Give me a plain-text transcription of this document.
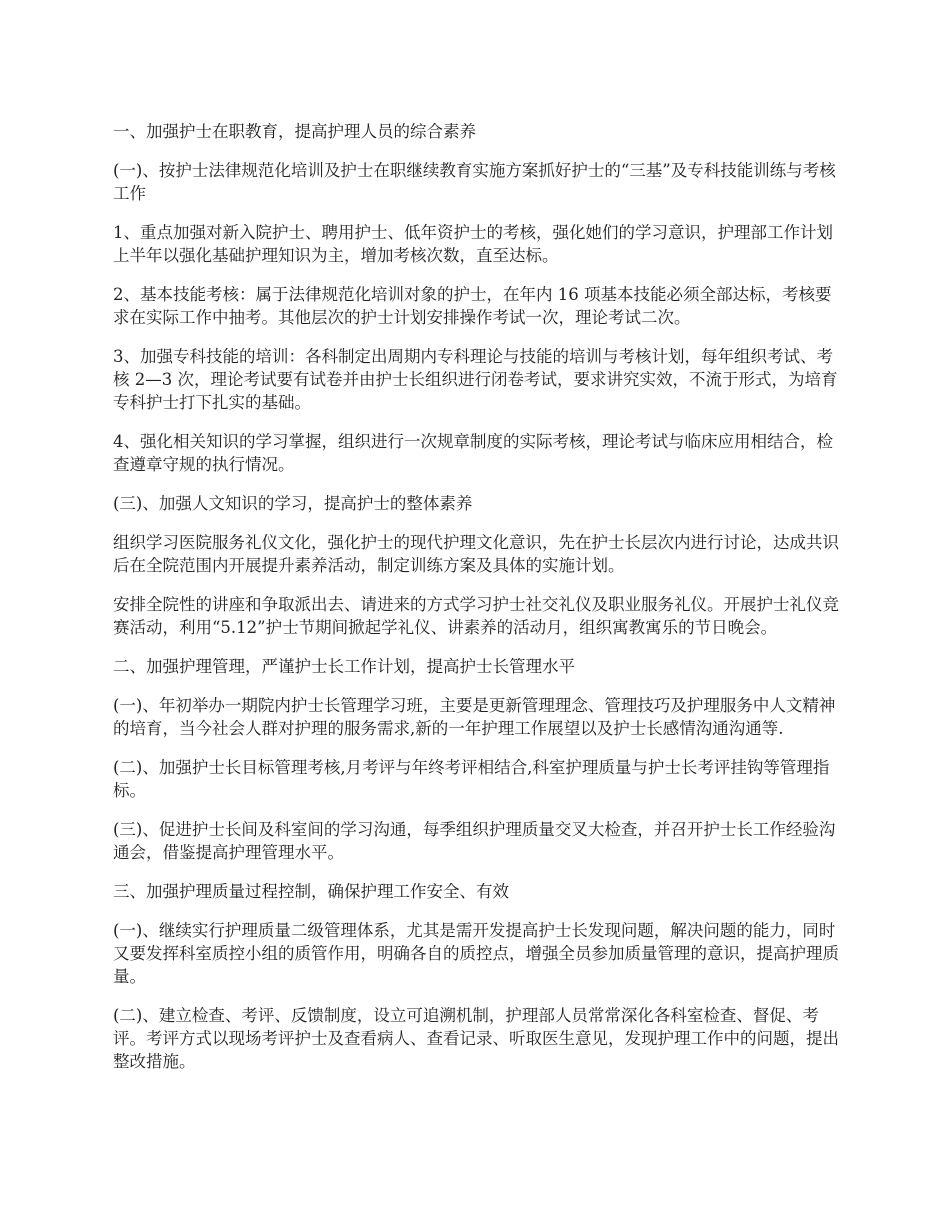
一、加强护士在职教育，提高护理人员的综合素养

(一)、按护士法律规范化培训及护士在职继续教育实施方案抓好护士的“三基”及专科技能训练与考核工作

1、重点加强对新入院护士、聘用护士、低年资护士的考核，强化她们的学习意识，护理部工作计划上半年以强化基础护理知识为主，增加考核次数，直至达标。

2、基本技能考核：属于法律规范化培训对象的护士，在年内 16 项基本技能必须全部达标，考核要求在实际工作中抽考。其他层次的护士计划安排操作考试一次，理论考试二次。

3、加强专科技能的培训：各科制定出周期内专科理论与技能的培训与考核计划，每年组织考试、考核 2—3 次，理论考试要有试卷并由护士长组织进行闭卷考试，要求讲究实效，不流于形式，为培育专科护士打下扎实的基础。

4、强化相关知识的学习掌握，组织进行一次规章制度的实际考核，理论考试与临床应用相结合，检查遵章守规的执行情况。

(三)、加强人文知识的学习，提高护士的整体素养

组织学习医院服务礼仪文化，强化护士的现代护理文化意识，先在护士长层次内进行讨论，达成共识后在全院范围内开展提升素养活动，制定训练方案及具体的实施计划。

安排全院性的讲座和争取派出去、请进来的方式学习护士社交礼仪及职业服务礼仪。开展护士礼仪竞赛活动，利用“5.12”护士节期间掀起学礼仪、讲素养的活动月，组织寓教寓乐的节日晚会。

二、加强护理管理，严谨护士长工作计划，提高护士长管理水平

(一)、年初举办一期院内护士长管理学习班，主要是更新管理理念、管理技巧及护理服务中人文精神的培育，当今社会人群对护理的服务需求,新的一年护理工作展望以及护士长感情沟通沟通等.

(二)、加强护士长目标管理考核,月考评与年终考评相结合,科室护理质量与护士长考评挂钩等管理指标。

(三)、促进护士长间及科室间的学习沟通，每季组织护理质量交叉大检查，并召开护士长工作经验沟通会，借鉴提高护理管理水平。

三、加强护理质量过程控制，确保护理工作安全、有效

(一)、继续实行护理质量二级管理体系，尤其是需开发提高护士长发现问题，解决问题的能力，同时又要发挥科室质控小组的质管作用，明确各自的质控点，增强全员参加质量管理的意识，提高护理质量。

(二)、建立检查、考评、反馈制度，设立可追溯机制，护理部人员常常深化各科室检查、督促、考评。考评方式以现场考评护士及查看病人、查看记录、听取医生意见，发现护理工作中的问题，提出整改措施。
